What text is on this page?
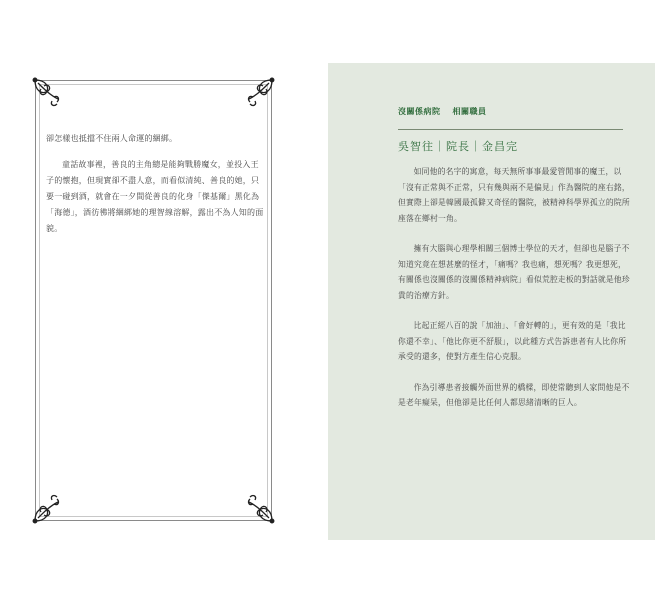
卻怎樣也抵擋不住兩人命運的綑綁。

童話故事裡，善良的主角總是能夠戰勝魔女，並投入王子的懷抱，但現實卻不盡人意，而看似清純、善良的她，只要一碰到酒，就會在一夕間從善良的化身「傑基爾」黑化為「海德」，酒彷彿將綑綁她的理智線溶解，露出不為人知的面貌。

沒關係病院 相關職員
吳智往｜院長｜金昌完

如同他的名字的寓意，每天無所事事最愛管閒事的魔王，以「沒有正常與不正常，只有幾與兩不是偏見」作為醫院的座右銘，但實際上卻是韓國最孤僻又奇怪的醫院，被精神科學界孤立的院所座落在鄉村一角。

擁有大腦與心理學相關三個博士學位的天才，但卻也是腦子不知道究竟在想甚麼的怪才，「痛嗎？我也痛，想死嗎？我更想死，有關係也沒關係的沒關係精神病院」看似荒腔走板的對話就是他珍貴的治療方針。

比起正經八百的說「加油」、「會好轉的」，更有效的是「我比你還不幸」、「他比你更不舒服」，以此種方式告訴患者有人比你所承受的還多，使對方產生信心克服。

作為引導患者接觸外面世界的橋樑，即使常聽到人家問他是不是老年癡呆，但他卻是比任何人都思緒清晰的巨人。
